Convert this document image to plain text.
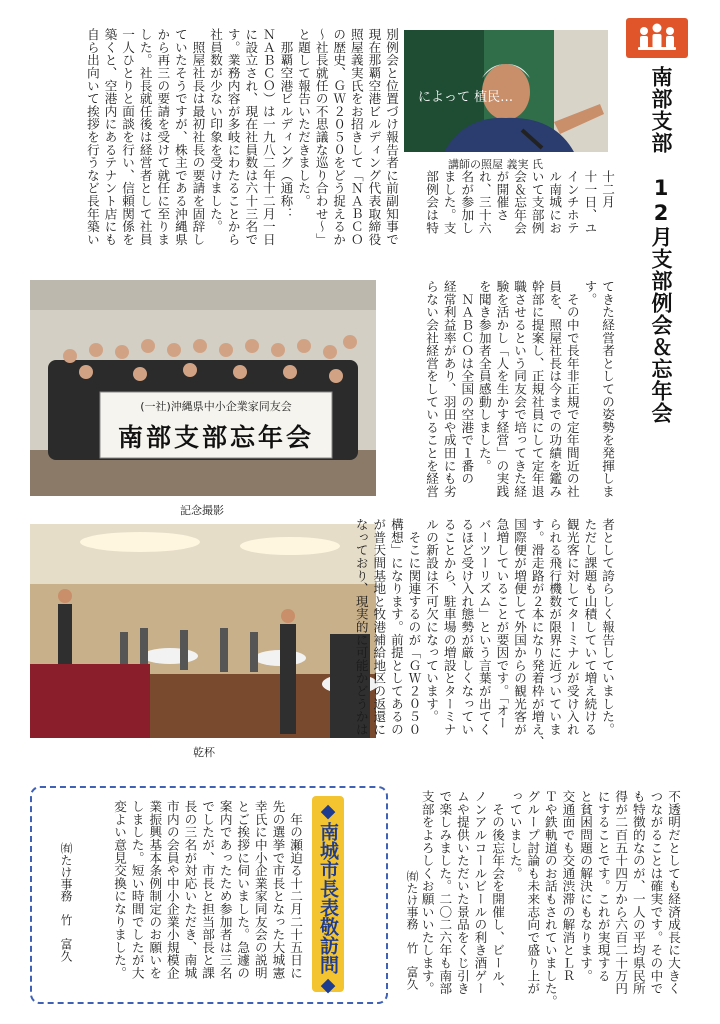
南部支部　12月支部例会＆忘年会
によって 植民…
講師の照屋 義実 氏
十二月
十一日、ユ
インチホテ
ル南城にお
いて支部例
会＆忘年会
が開催さ
れ、三十六
名が参加し
ました。支
部例会は特
別例会と位置づけ報告者に前副知事で
現在那覇空港ビルディング代表取締役
照屋義実氏をお招きして「ＮＡＢＣＯ
の歴史、ＧＷ２０５０をどう捉えるか
～社長就任の不思議な巡り合わせ～」
と題して報告いただきました。
　那覇空港ビルディング（通称：
ＮＡＢＣＯ）は一九八二年十二月一日
に設立され、現在社員数は六十三名で
す。業務内容が多岐にわたることから
社員数が少ない印象を受けました。
　照屋社長は最初社長の要請を固辞し
ていたそうですが、株主である沖縄県
から再三の要請を受けて就任に至りま
した。社長就任後は経営者として社員
一人ひとりと面談を行い、信頼関係を
築くと、空港内にあるテナント店にも
自ら出向いて挨拶を行うなど長年築い
(一社)沖縄県中小企業家同友会
南部支部忘年会
記念撮影
てきた経営者としての姿勢を発揮しま
す。
　その中で長年非正規で定年間近の社
員を、照屋社長は今までの功績を鑑み
幹部に提案し、正規社員にして定年退
職させるという同友会で培ってきた経
験を活かし「人を生かす経営」の実践
を聞き参加者全員感動しました。
　ＮＡＢＣＯは全国の空港で１番の
経常利益率があり、羽田や成田にも劣
らない会社経営をしていることを経営
乾杯
者として誇らしく報告していました。
ただし課題も山積していて増え続ける
観光客に対してターミナルが受け入れ
られる飛行機数が限界に近づいていま
す。滑走路が２本になり発着枠が増え、
国際便が増便して外国からの観光客が
急増していることが要因です。「オー
バーツーリズム」という言葉が出てく
るほど受け入れ態勢が厳しくなってい
ることから、駐車場の増設とターミナ
ルの新設は不可欠になっています。
　そこに関連するのが「ＧＷ２０５０
構想」になります。前提としてあるの
が普天間基地と牧港補給地区の返還に
なっており、現実的に可能かどうかは
不透明だとしても経済成長に大きく
つながることは確実です。その中で
も特徴的なのが、一人の平均県民所
得が二百五十四万から六百二十万円
にすることです。これが実現する
と貧困問題の解決にもなります。
交通面でも交通渋滞の解消とＬＲ
Ｔや鉄軌道のお話もされていました。
グループ討論も未来志向で盛り上が
っていました。
　その後忘年会を開催し、ビール、
ノンアルコールビールの利き酒ゲー
ムや提供いただいた景品をくじ引き
で楽しみました。二〇二六年も南部
支部をよろしくお願いいたします。
㈲たけ事務　竹　富久
◆南城市長表敬訪問◆
　年の瀬迫る十二月二十五日に
先の選挙で市長となった大城憲
幸氏に中小企業家同友会の説明
とご挨拶に伺いました。急遽の
案内であったため参加者は三名
でしたが、市長と担当部長と課
長の三名が対応いただき、南城
市内の会員や中小企業小規模企
業振興基本条例制定のお願いを
しました。短い時間でしたが大
変よい意見交換になりました。
㈲たけ事務　竹　富久
